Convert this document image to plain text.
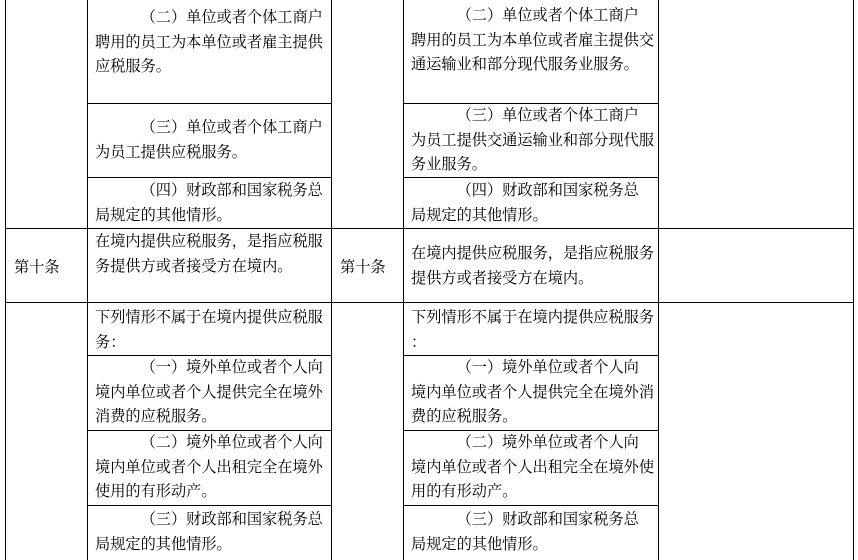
（二）单位或者个体工商户聘用的员工为本单位或者雇主提供应税服务。
（三）单位或者个体工商户为员工提供应税服务。
（四）财政部和国家税务总局规定的其他情形。
第十条
在境内提供应税服务，是指应税服务提供方或者接受方在境内。	第十条
在境内提供应税服务，是指应税服务提供方或者接受方在境内。
下列情形不属于在境内提供应税服务：
（一）境外单位或者个人向境内单位或者个人提供完全在境外消费的应税服务。
（二）境外单位或者个人向境内单位或者个人出租完全在境外使用的有形动产。
（三）财政部和国家税务总局规定的其他情形。
（二）单位或者个体工商户聘用的员工为本单位或者雇主提供交通运输业和部分现代服务业服务。
（三）单位或者个体工商户为员工提供交通运输业和部分现代服务业服务。
（四）财政部和国家税务总局规定的其他情形。
下列情形不属于在境内提供应税服务：
（一）境外单位或者个人向境内单位或者个人提供完全在境外消费的应税服务。
（二）境外单位或者个人向境内单位或者个人出租完全在境外使用的有形动产。
（三）财政部和国家税务总局规定的其他情形。
